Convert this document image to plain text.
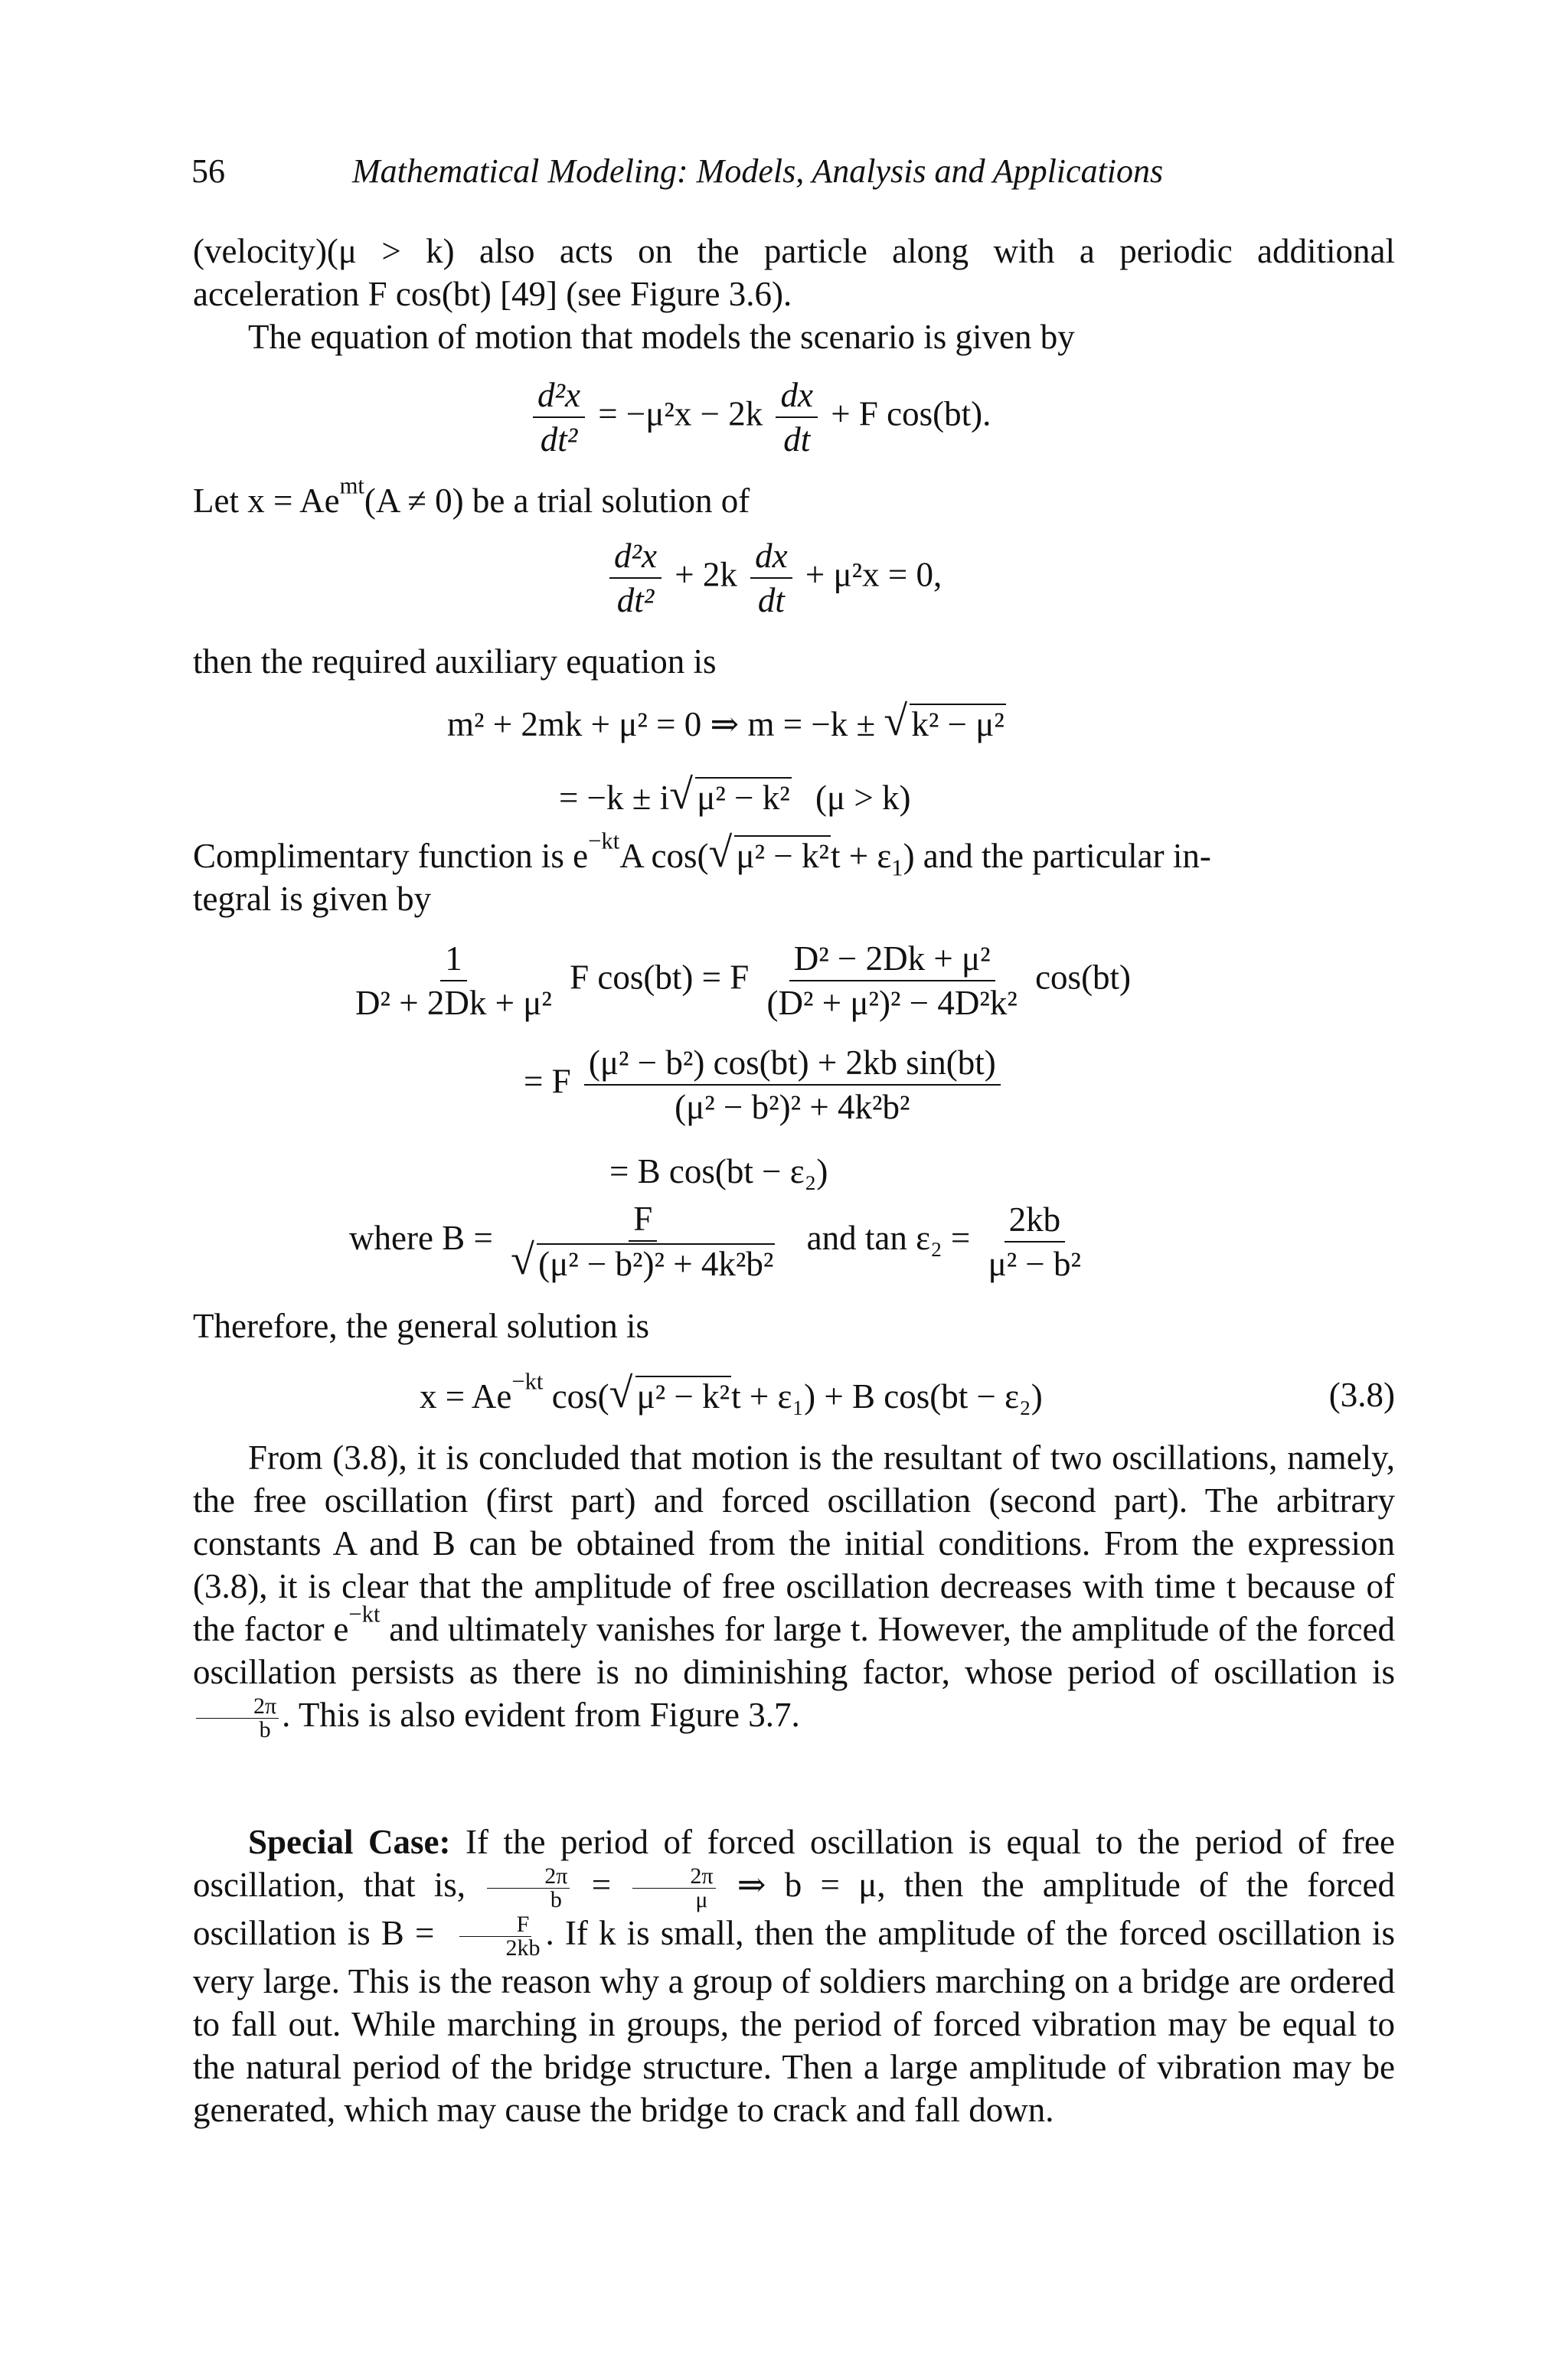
56	Mathematical Modeling: Models, Analysis and Applications
(velocity)(μ > k) also acts on the particle along with a periodic additional
acceleration F cos(bt) [49] (see Figure 3.6).
The equation of motion that models the scenario is given by
$\frac{\text{d²x}}{\text{dt²}} = -\mu^2x - 2k \frac{dx}{dt} + F$ cos(bt).
Let $x = Ae^{mt}(A \ne 0)$ be a trial solution of
$\frac{\text{d²x}}{\text{dt²}} + 2k \frac{dx}{dt} + \mu^2x = 0$,
then the required auxiliary equation is
m² + 2mk + μ² = 0 ⇒ m = −k ± √ k² − μ²
= −k ± i √ μ² − k² (μ > k)
Complimentary function is $e^{-kt}A$ cos( √ $\mu^2 - k^2t + \varepsilon_1$) and the particular in-
tegral is given by
$\frac{1}{\text{D² + 2Dk + μ²}}$ F cos(bt) = F $\frac{\text{D² − 2Dk + μ²}}{\text{(D² + μ²)² − 4D²k²}} \cos(bt)$
= F $\frac{\text{(μ² − b²) cos(bt) + 2kb sin(bt)}}{\text{(μ² − b²)² + 4k²b²}}$
= B cos(bt − ε₂)
where B = F
√ (μ² − b²)² + 4k²b² and $\tan \varepsilon_2 = \frac{2kb}{\text{μ² − b²}}$
Therefore, the general solution is
$x = Ae^{-kt}$ cos( √ μ² − k²t + ε₁) + B cos(bt − ε₂)	(3.8)
From (3.8), it is concluded that motion is the resultant of two oscillations, namely, the free oscillation (first part) and forced oscillation (second part). The arbitrary constants A and B can be obtained from the initial conditions. From the expression (3.8), it is clear that the amplitude of free oscillation decreases with time t because of the factor $e^{-kt}$ and ultimately vanishes for large t. However, the amplitude of the forced oscillation persists as there is no diminishing factor, whose period of oscillation is
$\frac{2\pi}{b}$ . This is also evident from Figure 3.7.
Special Case: If the period of forced oscillation is equal to the period of free oscillation, that is, $\frac{2\pi}{b} = \frac{2\pi}{\mu}$ ⇒ b = μ, then the amplitude of the forced oscillation is $B = \frac{F}{2kb}$ . If k is small, then the amplitude of the forced oscillation is very large. This is the reason why a group of soldiers marching on a bridge are ordered to fall out. While marching in groups, the period of forced vibration may be equal to the natural period of the bridge structure. Then a large amplitude of vibration may be generated, which may cause the bridge to crack and fall down.
